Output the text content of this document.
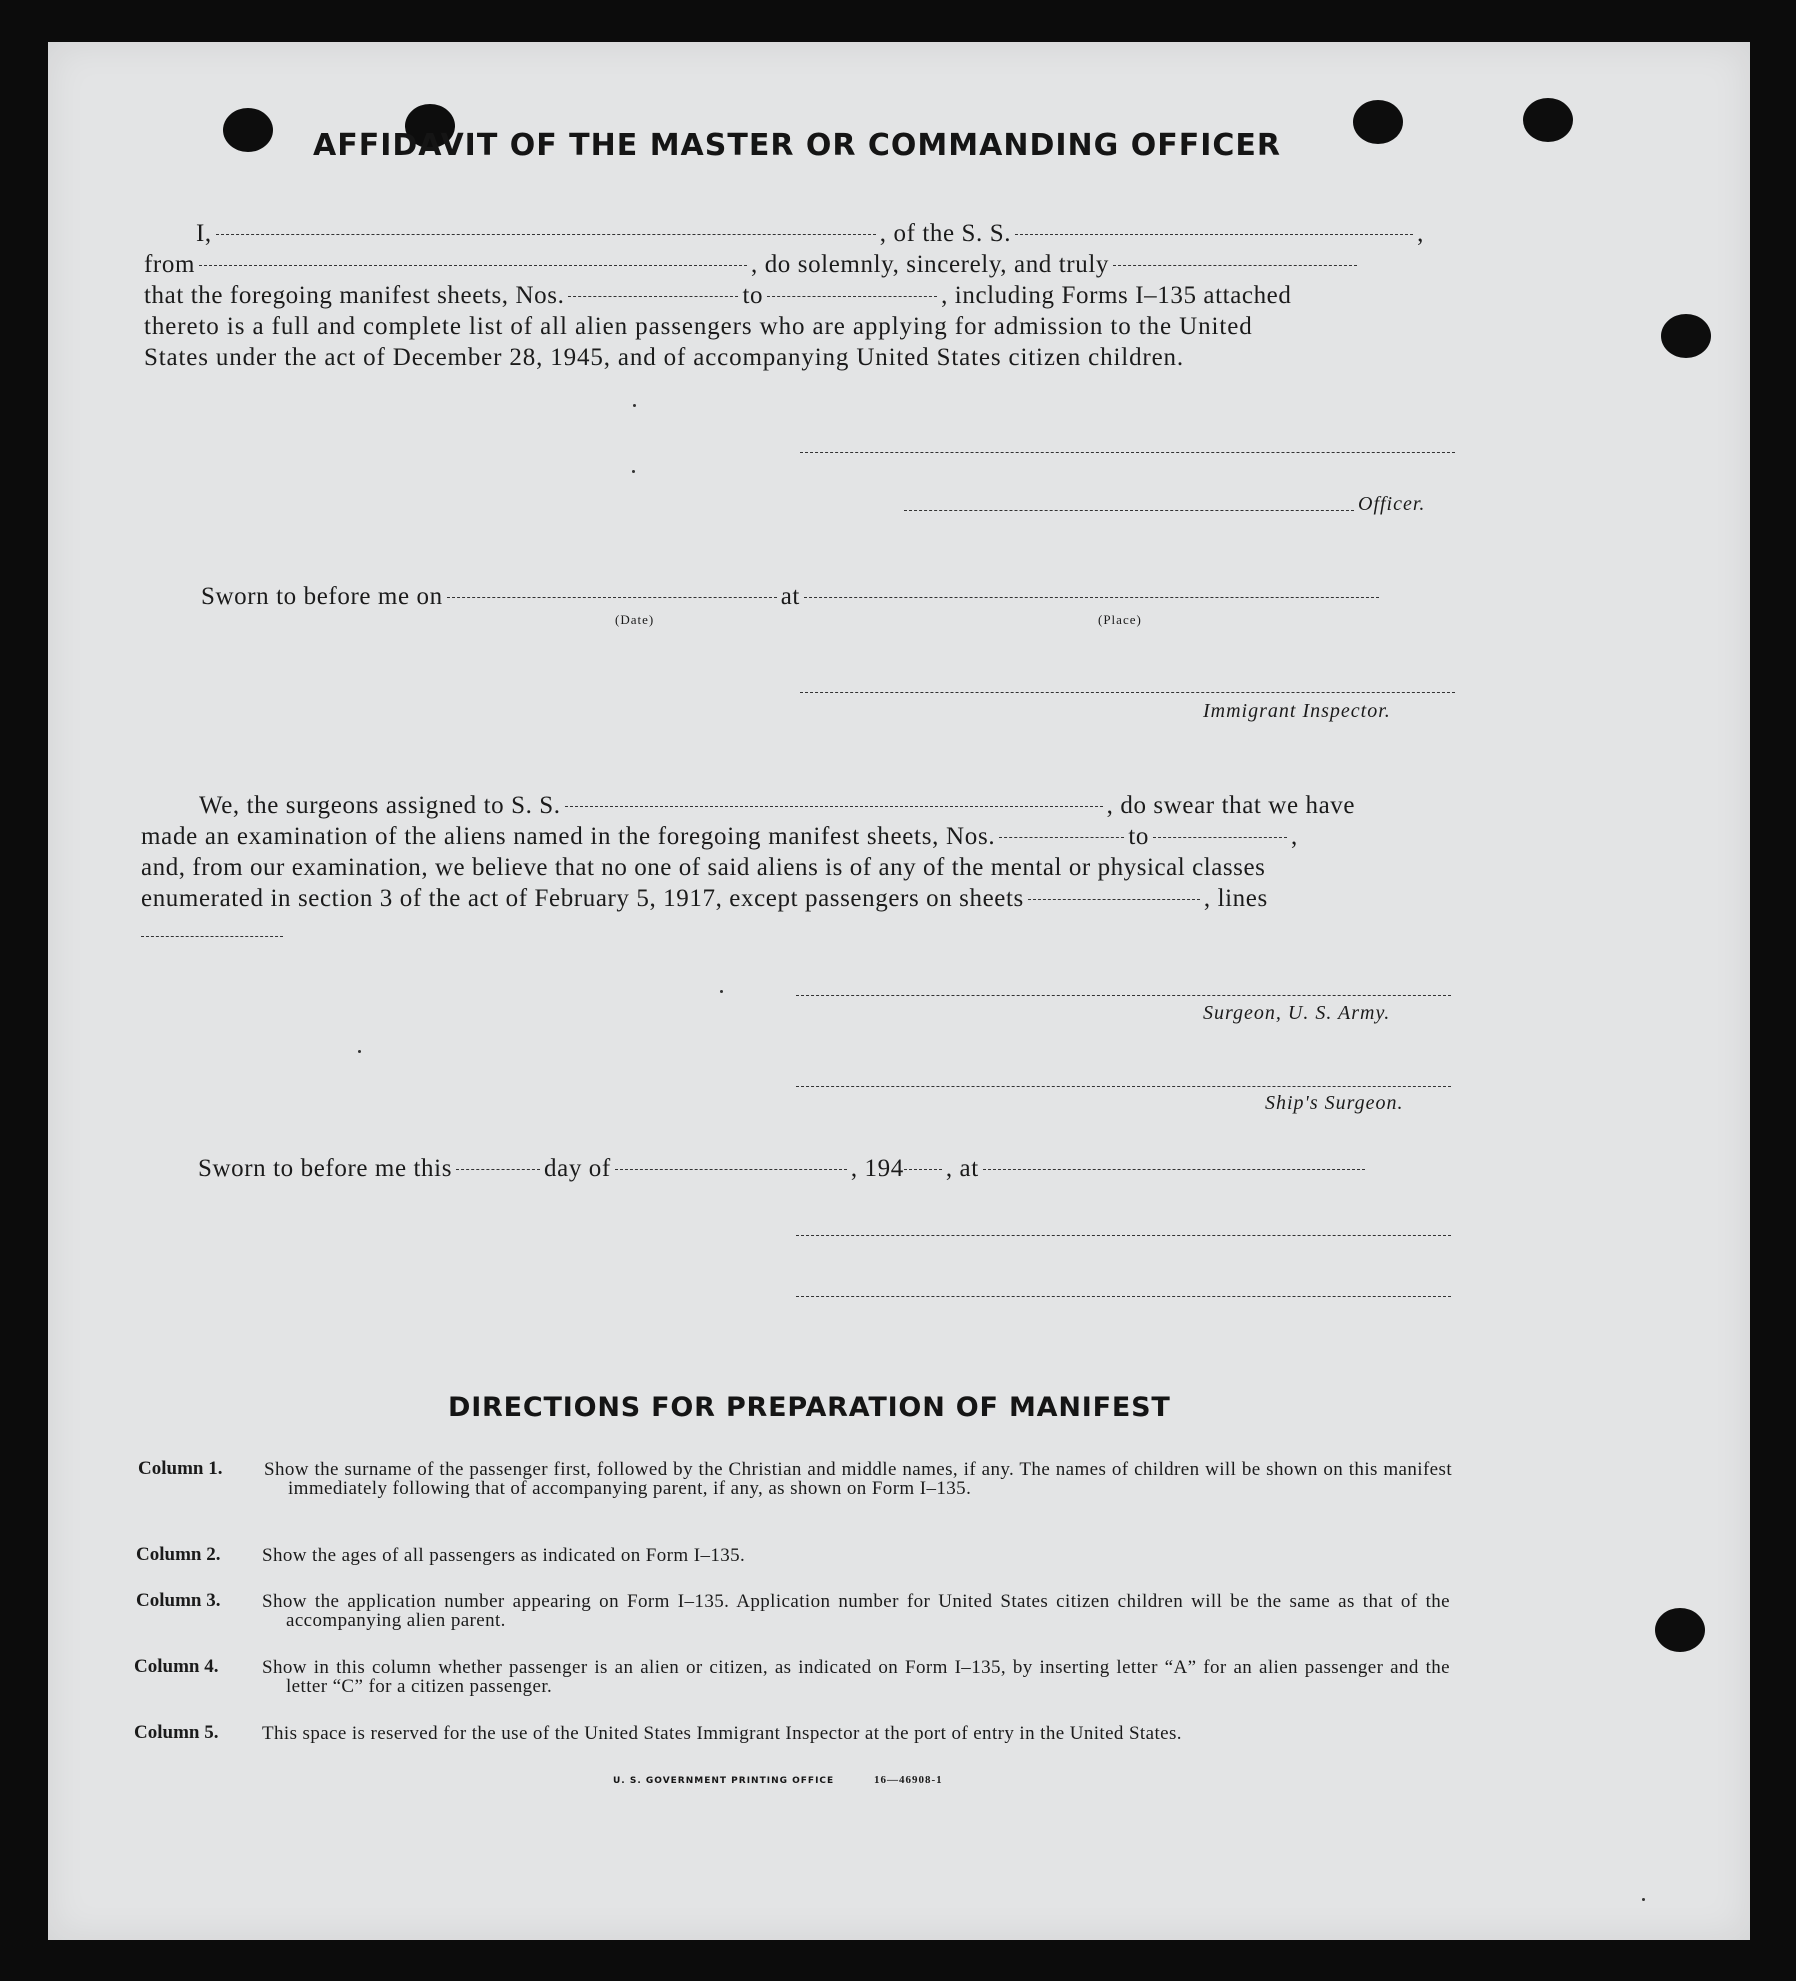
AFFIDAVIT OF THE MASTER OR COMMANDING OFFICER
I,	, of the S. S.	,
from	, do solemnly, sincerely, and truly
that the foregoing manifest sheets, Nos.	to	, including Forms I–135 attached
thereto is a full and complete list of all alien passengers who are applying for admission to the United
States under the act of December 28, 1945, and of accompanying United States citizen children.
Officer.
Sworn to before me on	at
(Date)	(Place)
Immigrant Inspector.
We, the surgeons assigned to S. S.	, do swear that we have
made an examination of the aliens named in the foregoing manifest sheets, Nos.	to	,
and, from our examination, we believe that no one of said aliens is of any of the mental or physical classes
enumerated in section 3 of the act of February 5, 1917, except passengers on sheets	, lines
Surgeon, U. S. Army.
Ship's Surgeon.
Sworn to before me this	day of	, 194 , at
DIRECTIONS FOR PREPARATION OF MANIFEST
Column 1. Show the surname of the passenger first, followed by the Christian and middle names, if any. The names of children will be shown on this manifest immediately following that of accompanying parent, if any, as shown on Form I–135.
Column 2. Show the ages of all passengers as indicated on Form I–135.
Column 3. Show the application number appearing on Form I–135. Application number for United States citizen children will be the same as that of the accompanying alien parent.
Column 4. Show in this column whether passenger is an alien or citizen, as indicated on Form I–135, by inserting letter “A” for an alien passenger and the letter “C” for a citizen passenger.
Column 5. This space is reserved for the use of the United States Immigrant Inspector at the port of entry in the United States.
U. S. GOVERNMENT PRINTING OFFICE	16—46908-1
